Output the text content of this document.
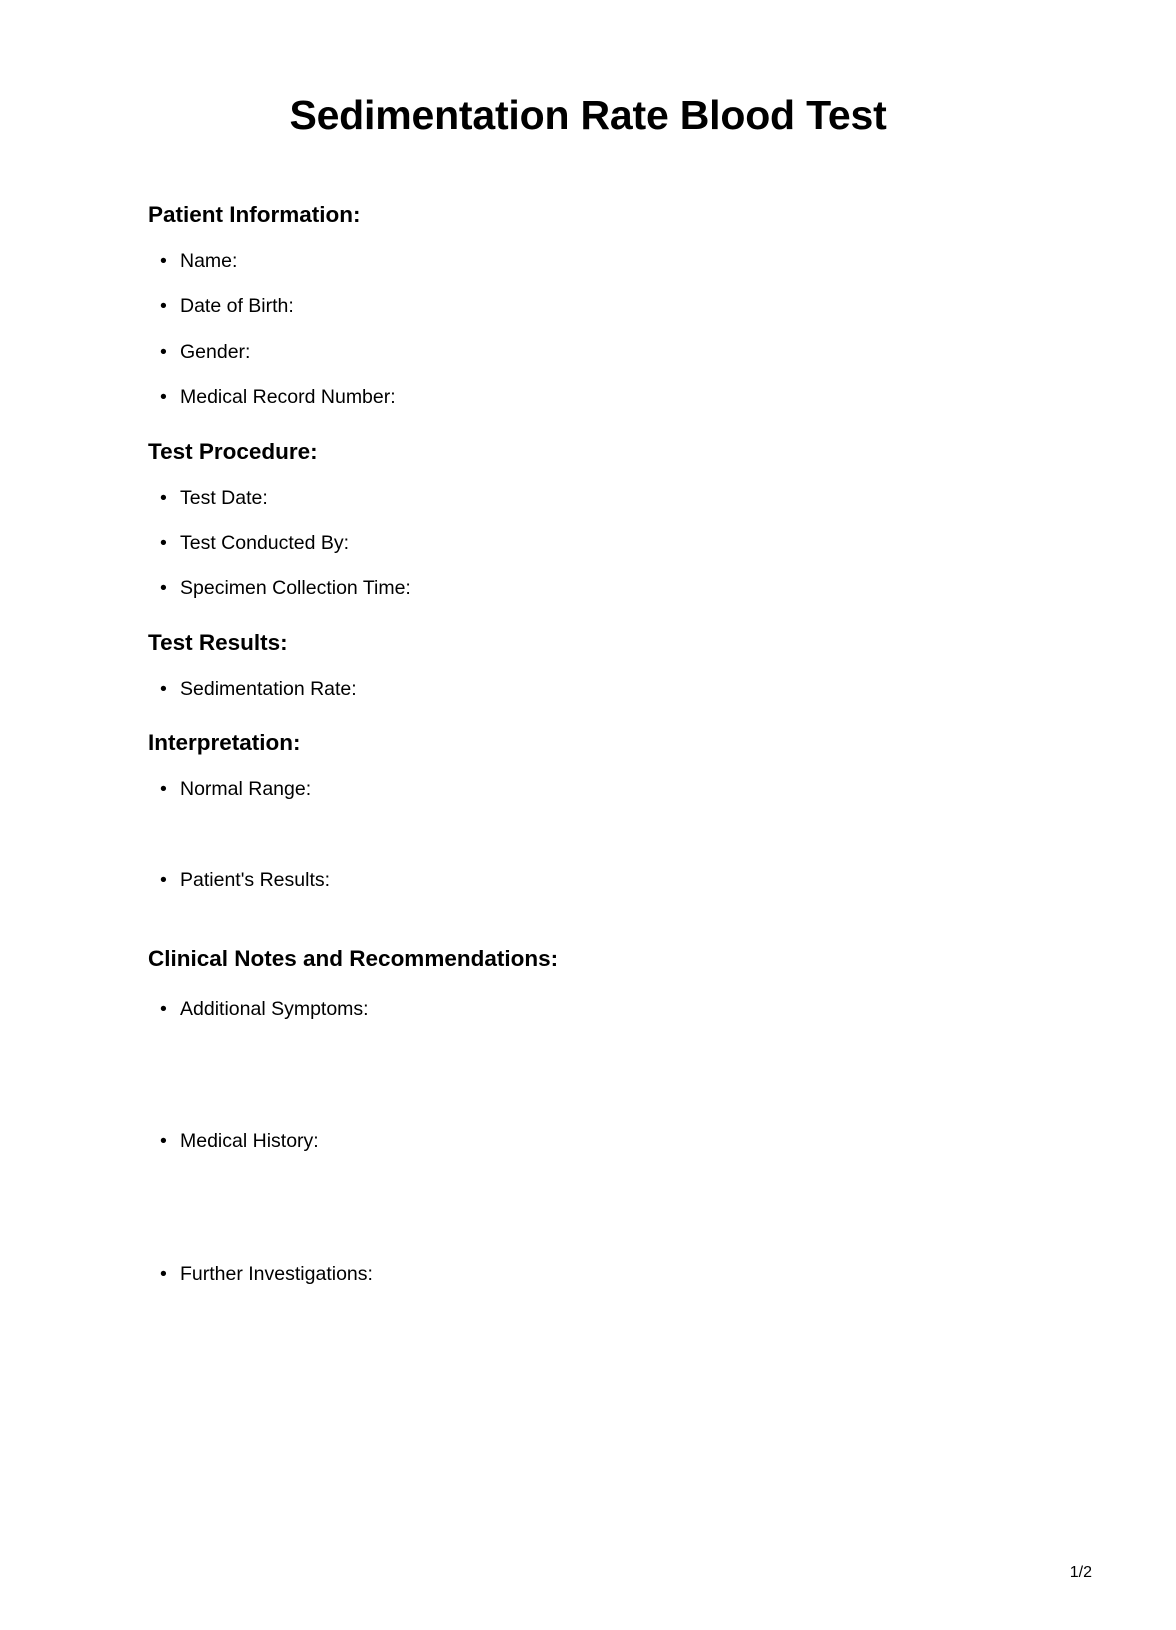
Sedimentation Rate Blood Test
Patient Information:
• Name:
• Date of Birth:
• Gender:
• Medical Record Number:
Test Procedure:
• Test Date:
• Test Conducted By:
• Specimen Collection Time:
Test Results:
• Sedimentation Rate:
Interpretation:
• Normal Range:
• Patient's Results:
Clinical Notes and Recommendations:
• Additional Symptoms:
• Medical History:
• Further Investigations:
1/2
